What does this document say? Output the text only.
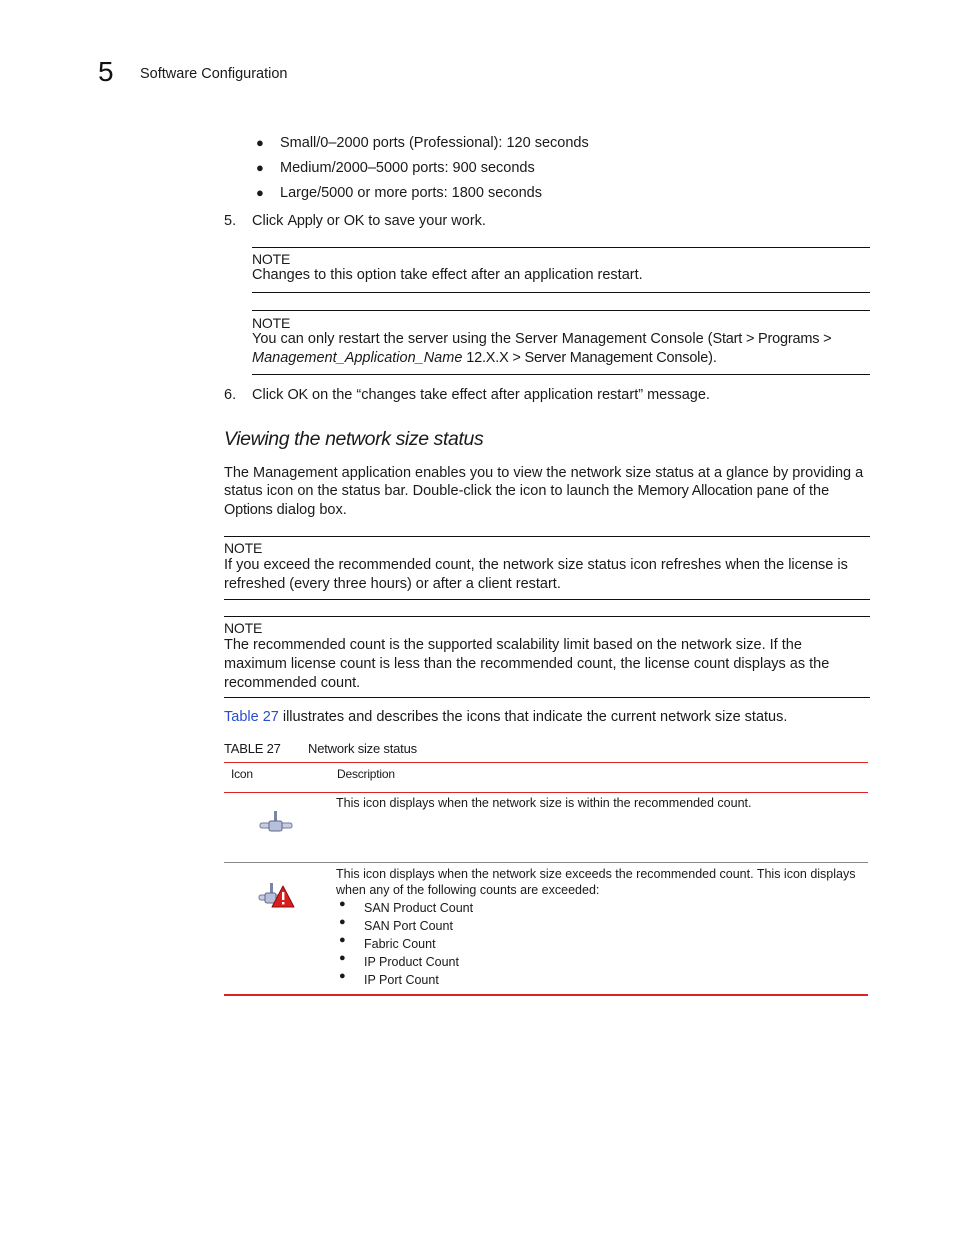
5 Software Configuration
● Small/0–2000 ports (Professional): 120 seconds
● Medium/2000–5000 ports: 900 seconds
● Large/5000 or more ports: 1800 seconds
5. Click Apply or OK to save your work.
NOTE
Changes to this option take effect after an application restart.
NOTE
You can only restart the server using the Server Management Console (Start > Programs >
Management_Application_Name 12.X.X > Server Management Console).
6. Click OK on the “changes take effect after application restart” message.
Viewing the network size status
The Management application enables you to view the network size status at a glance by providing a
status icon on the status bar. Double-click the icon to launch the Memory Allocation pane of the
Options dialog box.
NOTE
If you exceed the recommended count, the network size status icon refreshes when the license is
refreshed (every three hours) or after a client restart.
NOTE
The recommended count is the supported scalability limit based on the network size. If the
maximum license count is less than the recommended count, the license count displays as the
recommended count.
Table 27 illustrates and describes the icons that indicate the current network size status.
TABLE 27 Network size status
Icon	Description
This icon displays when the network size is within the recommended count.
This icon displays when the network size exceeds the recommended count. This icon displays
when any of the following counts are exceeded:
● SAN Product Count
● SAN Port Count
● Fabric Count
● IP Product Count
● IP Port Count
